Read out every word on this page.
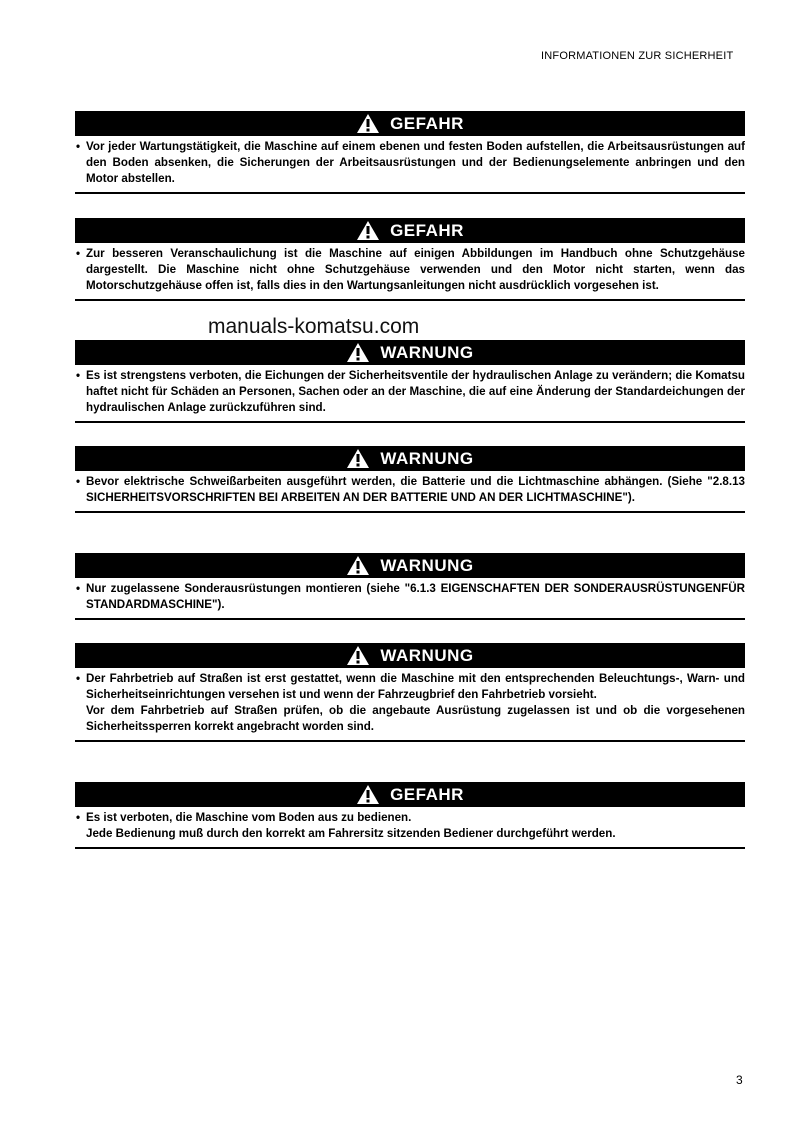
INFORMATIONEN ZUR SICHERHEIT
GEFAHR
• Vor jeder Wartungstätigkeit, die Maschine auf einem ebenen und festen Boden aufstellen, die Arbeitsausrüstungen auf den Boden absenken, die Sicherungen der Arbeitsausrüstungen und der Bedienungselemente anbringen und den Motor abstellen.
GEFAHR
• Zur besseren Veranschaulichung ist die Maschine auf einigen Abbildungen im Handbuch ohne Schutzgehäuse dargestellt. Die Maschine nicht ohne Schutzgehäuse verwenden und den Motor nicht starten, wenn das Motorschutzgehäuse offen ist, falls dies in den Wartungsanleitungen nicht ausdrücklich vorgesehen ist.
manuals-komatsu.com
WARNUNG
• Es ist strengstens verboten, die Eichungen der Sicherheitsventile der hydraulischen Anlage zu verändern; die Komatsu haftet nicht für Schäden an Personen, Sachen oder an der Maschine, die auf eine Änderung der Standardeichungen der hydraulischen Anlage zurückzuführen sind.
WARNUNG
• Bevor elektrische Schweißarbeiten ausgeführt werden, die Batterie und die Lichtmaschine abhängen. (Siehe "2.8.13 SICHERHEITSVORSCHRIFTEN BEI ARBEITEN AN DER BATTERIE UND AN DER LICHTMASCHINE").
WARNUNG
• Nur zugelassene Sonderausrüstungen montieren (siehe "6.1.3 EIGENSCHAFTEN DER SONDERAUSRÜSTUNGENFÜR STANDARDMASCHINE").
WARNUNG
• Der Fahrbetrieb auf Straßen ist erst gestattet, wenn die Maschine mit den entsprechenden Beleuchtungs-, Warn- und Sicherheitseinrichtungen versehen ist und wenn der Fahrzeugbrief den Fahrbetrieb vorsieht.
Vor dem Fahrbetrieb auf Straßen prüfen, ob die angebaute Ausrüstung zugelassen ist und ob die vorgesehenen Sicherheitssperren korrekt angebracht worden sind.
GEFAHR
• Es ist verboten, die Maschine vom Boden aus zu bedienen.
Jede Bedienung muß durch den korrekt am Fahrersitz sitzenden Bediener durchgeführt werden.
3
